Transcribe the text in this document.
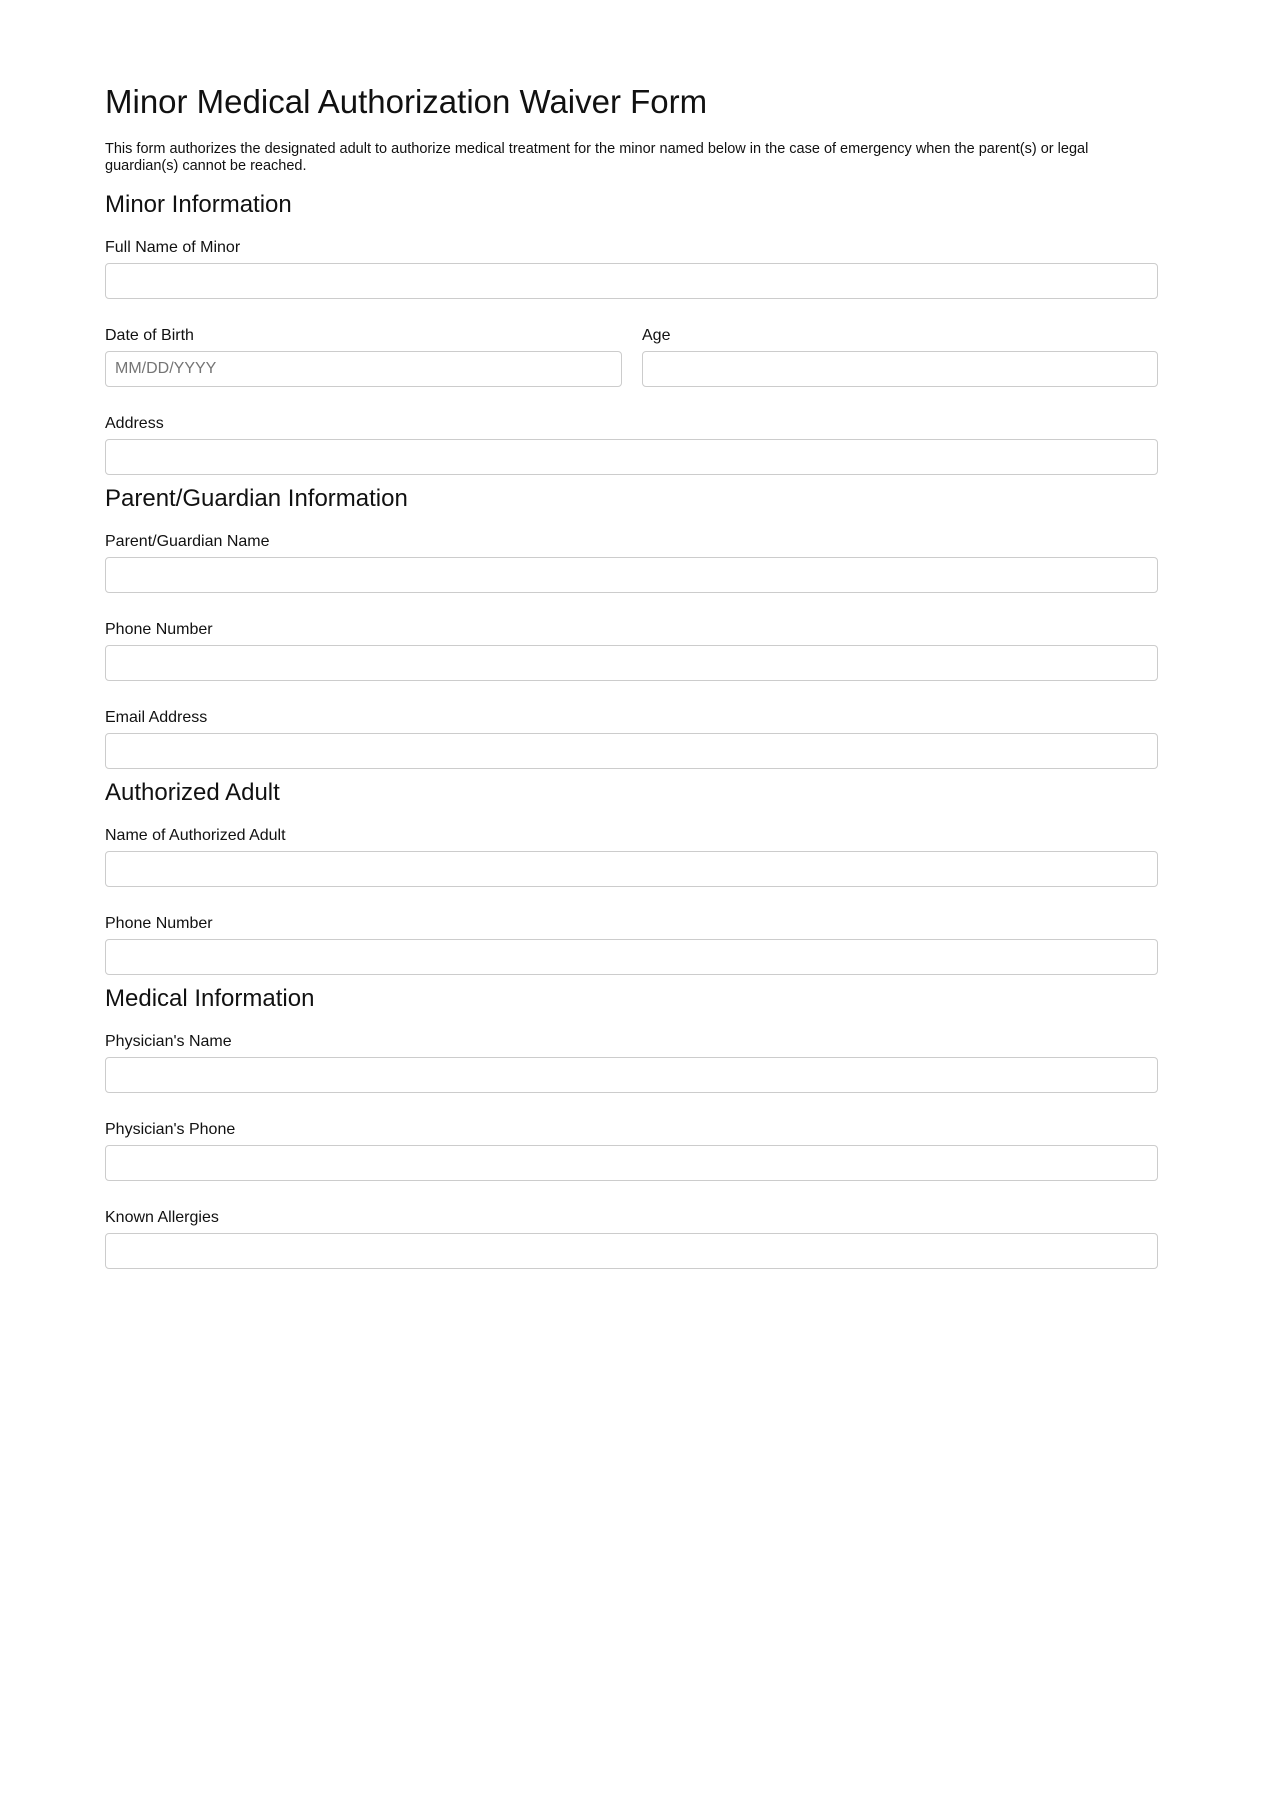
Minor Medical Authorization Waiver Form

This form authorizes the designated adult to authorize medical treatment for the minor named below in the case of emergency when the parent(s) or legal guardian(s) cannot be reached.

Minor Information
Full Name of Minor
Date of Birth
MM/DD/YYYY	Age
Address
Parent/Guardian Information
Parent/Guardian Name
Phone Number
Email Address
Authorized Adult
Name of Authorized Adult
Phone Number
Medical Information
Physician's Name
Physician's Phone
Known Allergies
